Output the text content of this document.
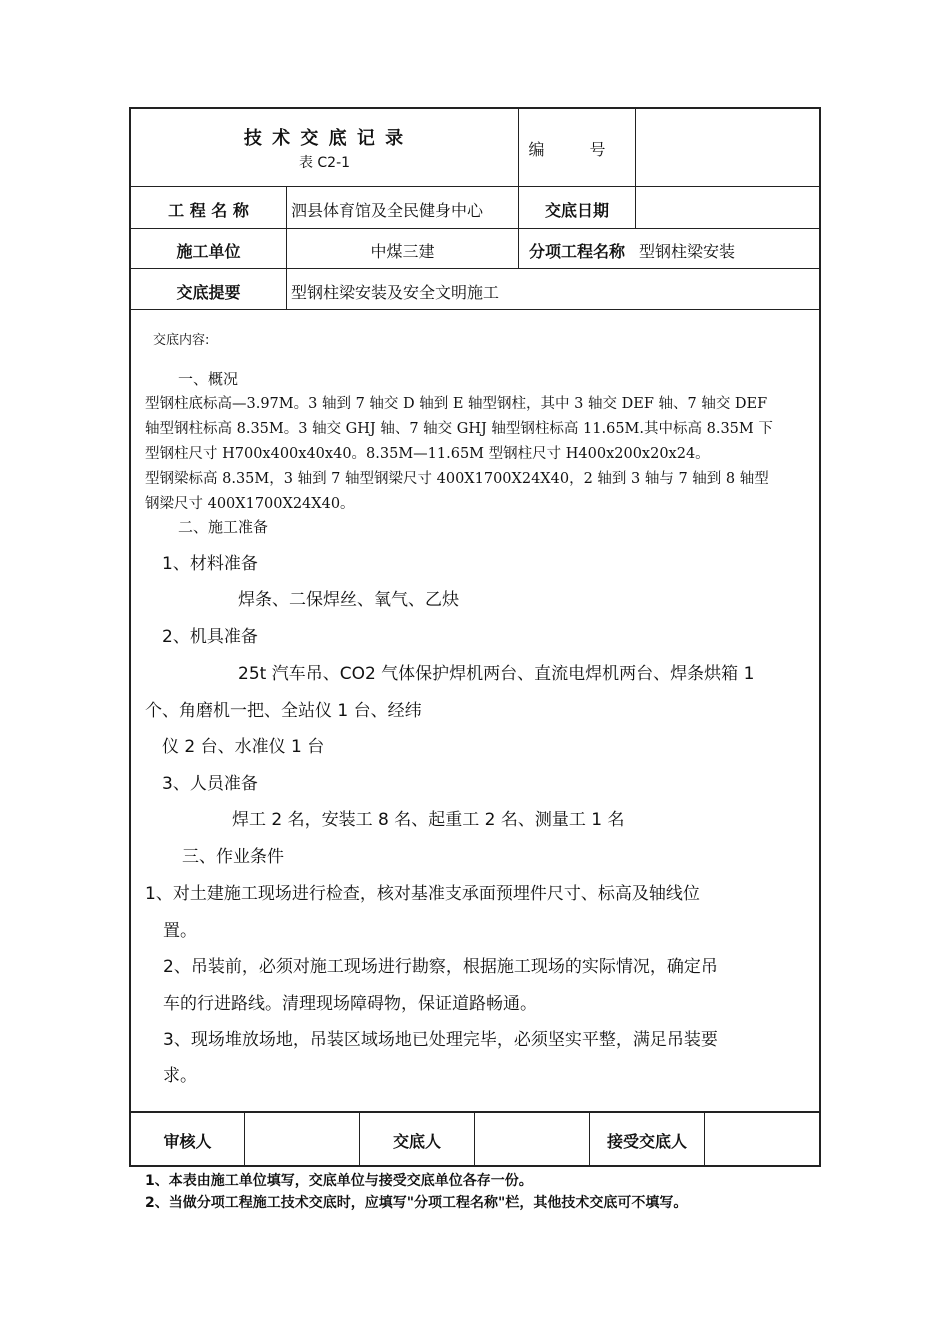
技 术 交 底 记 录
表 C2-1
编 号
工 程 名 称	泗县体育馆及全民健身中心	交底日期
施工单位	中煤三建	分项工程名称 型钢柱梁安装
交底提要	型钢柱梁安装及安全文明施工

交底内容:

一、概况

型钢柱底标高—3.97M。3 轴到 7 轴交 D 轴到 E 轴型钢柱，其中 3 轴交 DEF 轴、7 轴交 DEF

轴型钢柱标高 8.35M。3 轴交 GHJ 轴、7 轴交 GHJ 轴型钢柱标高 11.65M.其中标高 8.35M 下

型钢柱尺寸 H700x400x40x40。8.35M—11.65M 型钢柱尺寸 H400x200x20x24。

型钢梁标高 8.35M，3 轴到 7 轴型钢梁尺寸 400X1700X24X40，2 轴到 3 轴与 7 轴到 8 轴型

钢梁尺寸 400X1700X24X40。

二、施工准备

1、材料准备

焊条、二保焊丝、氧气、乙炔

2、机具准备

25t 汽车吊、CO2 气体保护焊机两台、直流电焊机两台、焊条烘箱 1

个、角磨机一把、全站仪 1 台、经纬

仪 2 台、水准仪 1 台

3、人员准备

焊工 2 名，安装工 8 名、起重工 2 名、测量工 1 名

三、作业条件

1、对土建施工现场进行检查，核对基准支承面预埋件尺寸、标高及轴线位

置。

2、吊装前，必须对施工现场进行勘察，根据施工现场的实际情况，确定吊

车的行进路线。清理现场障碍物，保证道路畅通。

3、现场堆放场地，吊装区域场地已处理完毕，必须坚实平整，满足吊装要

求。

审核人	交底人	接受交底人
1、本表由施工单位填写，交底单位与接受交底单位各存一份。
2、当做分项工程施工技术交底时，应填写"分项工程名称"栏，其他技术交底可不填写。
